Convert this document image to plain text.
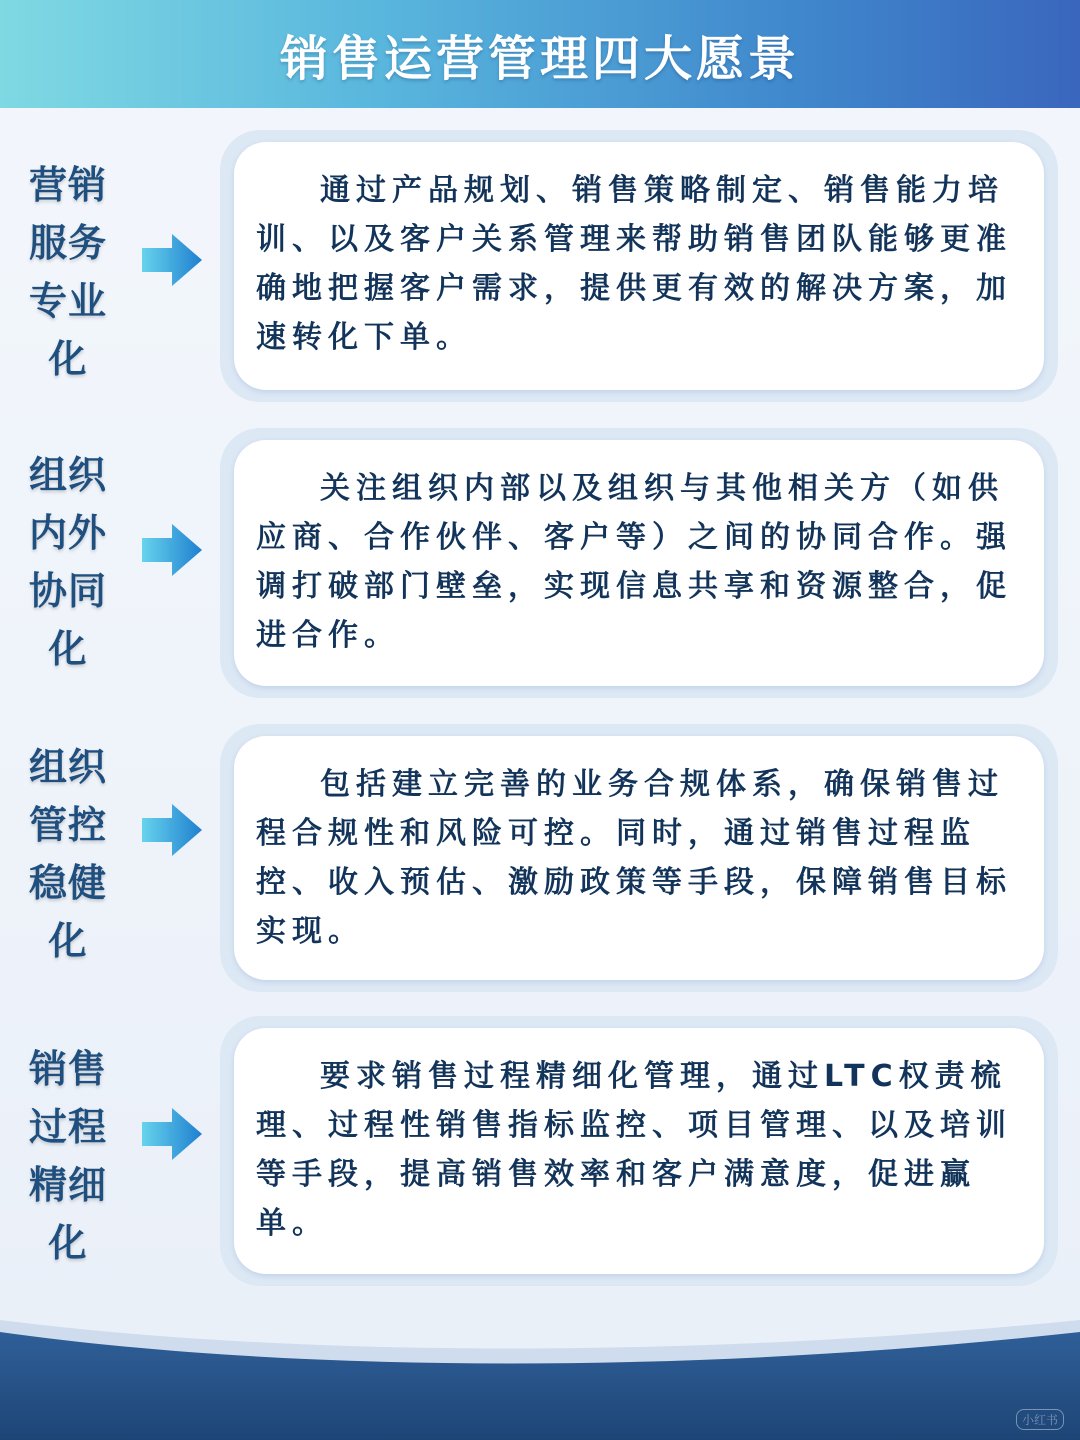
销售运营管理四大愿景
营销
服务
专业
化

通过产品规划、销售策略制定、销售能力培训、以及客户关系管理来帮助销售团队能够更准确地把握客户需求，提供更有效的解决方案，加速转化下单。

组织
内外
协同
化

关注组织内部以及组织与其他相关方（如供应商、合作伙伴、客户等）之间的协同合作。强调打破部门壁垒，实现信息共享和资源整合，促进合作。

组织
管控
稳健
化

包括建立完善的业务合规体系，确保销售过程合规性和风险可控。同时，通过销售过程监控、收入预估、激励政策等手段，保障销售目标实现。

销售
过程
精细
化

要求销售过程精细化管理，通过LTC权责梳理、过程性销售指标监控、项目管理、以及培训等手段，提高销售效率和客户满意度，促进赢单。

小红书
